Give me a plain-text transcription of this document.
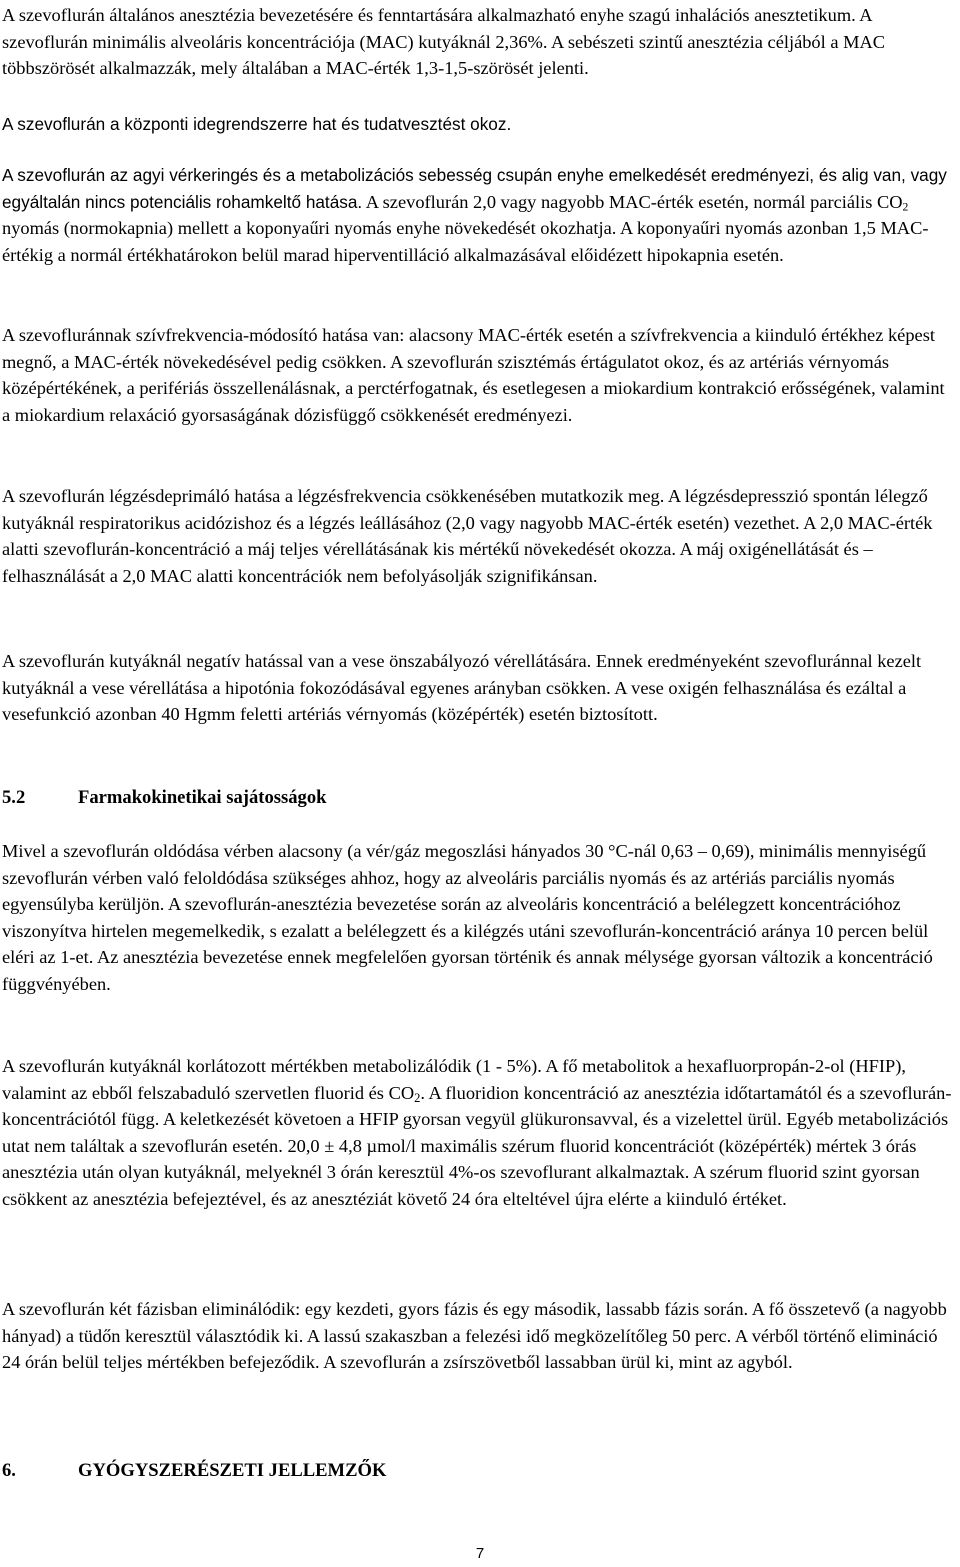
A szevoflurán általános anesztézia bevezetésére és fenntartására alkalmazható enyhe szagú inhalációs anesztetikum. A szevoflurán minimális alveoláris koncentrációja (MAC) kutyáknál 2,36%. A sebészeti szintű anesztézia céljából a MAC többszörösét alkalmazzák, mely általában a MAC-érték 1,3-1,5-szörösét jelenti.

A szevoflurán a központi idegrendszerre hat és tudatvesztést okoz.

A szevoflurán az agyi vérkeringés és a metabolizációs sebesség csupán enyhe emelkedését eredményezi, és alig van, vagy egyáltalán nincs potenciális rohamkeltő hatása. A szevoflurán 2,0 vagy nagyobb MAC-érték esetén, normál parciális $CO_2$ nyomás (normokapnia) mellett a koponyaűri nyomás enyhe növekedését okozhatja. A koponyaűri nyomás azonban 1,5 MAC- értékig a normál értékhatárokon belül marad hiperventilláció alkalmazásával előidézett hipokapnia esetén.

A szevofluránnak szívfrekvencia-módosító hatása van: alacsony MAC-érték esetén a szívfrekvencia a kiinduló értékhez képest megnő, a MAC-érték növekedésével pedig csökken. A szevoflurán szisztémás értágulatot okoz, és az artériás vérnyomás középértékének, a perifériás összellenálásnak, a perctérfogatnak, és esetlegesen a miokardium kontrakció erősségének, valamint a miokardium relaxáció gyorsaságának dózisfüggő csökkenését eredményezi.

A szevoflurán légzésdeprimáló hatása a légzésfrekvencia csökkenésében mutatkozik meg. A légzésdepresszió spontán lélegző kutyáknál respiratorikus acidózishoz és a légzés leállásához (2,0 vagy nagyobb MAC-érték esetén) vezethet. A 2,0 MAC-érték alatti szevoflurán-koncentráció a máj teljes vérellátásának kis mértékű növekedését okozza. A máj oxigénellátását és –felhasználását a 2,0 MAC alatti koncentrációk nem befolyásolják szignifikánsan.

A szevoflurán kutyáknál negatív hatással van a vese önszabályozó vérellátására. Ennek eredményeként szevofluránnal kezelt kutyáknál a vese vérellátása a hipotónia fokozódásával egyenes arányban csökken. A vese oxigén felhasználása és ezáltal a vesefunkció azonban 40 Hgmm feletti artériás vérnyomás (középérték) esetén biztosított.

5.2	Farmakokinetikai sajátosságok

Mivel a szevoflurán oldódása vérben alacsony (a vér/gáz megoszlási hányados 30 °C-nál 0,63 – 0,69), minimális mennyiségű szevoflurán vérben való feloldódása szükséges ahhoz, hogy az alveoláris parciális nyomás és az artériás parciális nyomás egyensúlyba kerüljön. A szevoflurán-anesztézia bevezetése során az alveoláris koncentráció a belélegzett koncentrációhoz viszonyítva hirtelen megemelkedik, s ezalatt a belélegzett és a kilégzés utáni szevoflurán-koncentráció aránya 10 percen belül eléri az 1-et. Az anesztézia bevezetése ennek megfelelően gyorsan történik és annak mélysége gyorsan változik a koncentráció függvényében.

A szevoflurán kutyáknál korlátozott mértékben metabolizálódik (1 - 5%). A fő metabolitok a hexafluorpropán-2-ol (HFIP), valamint az ebből felszabaduló szervetlen fluorid és $CO_2$. A fluoridion koncentráció az anesztézia időtartamától és a szevoflurán-koncentrációtól függ. A keletkezését követoen a HFIP gyorsan vegyül glükuronsavval, és a vizelettel ürül. Egyéb metabolizációs utat nem találtak a szevoflurán esetén. 20,0 ± 4,8 µmol/l maximális szérum fluorid koncentrációt (középérték) mértek 3 órás anesztézia után olyan kutyáknál, melyeknél 3 órán keresztül 4%-os szevoflurant alkalmaztak. A szérum fluorid szint gyorsan csökkent az anesztézia befejeztével, és az anesztéziát követő 24 óra elteltével újra elérte a kiinduló értéket.

A szevoflurán két fázisban eliminálódik: egy kezdeti, gyors fázis és egy második, lassabb fázis során. A fő összetevő (a nagyobb hányad) a tüdőn keresztül választódik ki. A lassú szakaszban a felezési idő megközelítőleg 50 perc. A vérből történő elimináció 24 órán belül teljes mértékben befejeződik. A szevoflurán a zsírszövetből lassabban ürül ki, mint az agyból.

6.	GYÓGYSZERÉSZETI JELLEMZŐK
7
